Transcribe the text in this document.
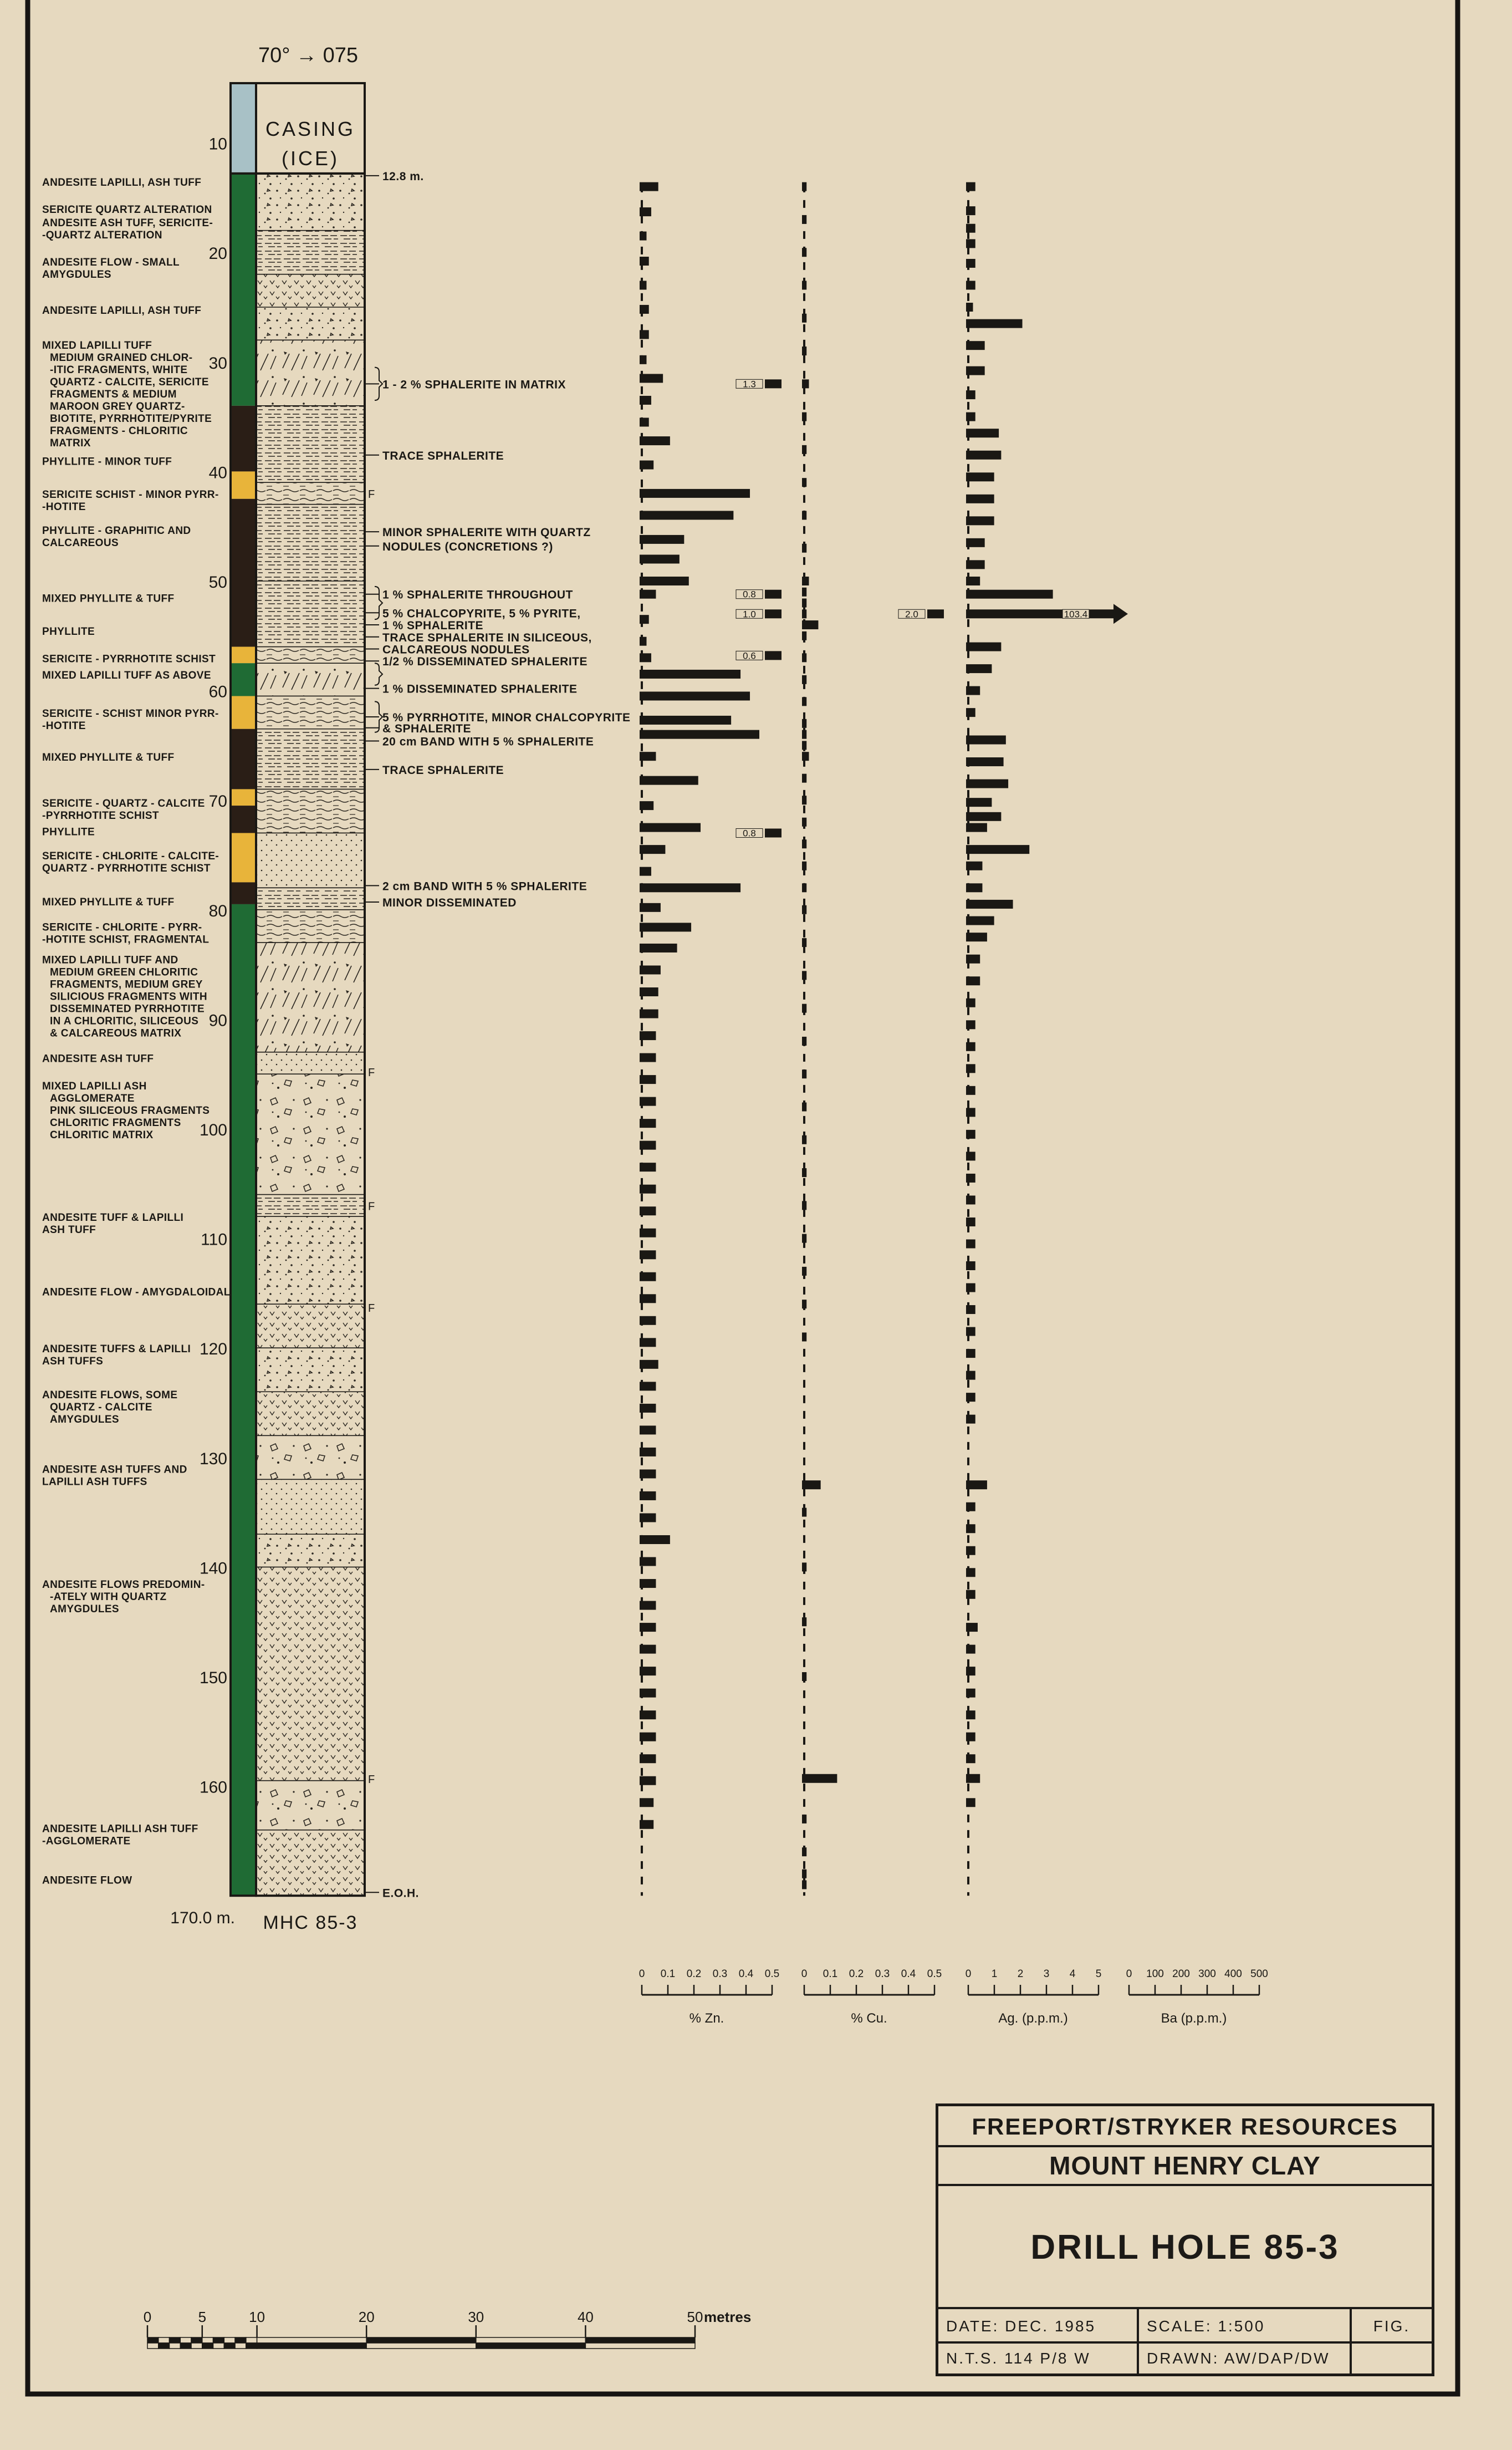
CASING
(ICE)
70° → 075
10
20
30
40
50
60
70
80
90
100
110
120
130
140
150
160
170.0 m. MHC 85-3
F
F
F
F
F
ANDESITE LAPILLI, ASH TUFF
SERICITE QUARTZ ALTERATION
ANDESITE ASH TUFF, SERICITE-
-QUARTZ ALTERATION
ANDESITE FLOW - SMALL
AMYGDULES
ANDESITE LAPILLI, ASH TUFF
MIXED LAPILLI TUFF
MEDIUM GRAINED CHLOR-
-ITIC FRAGMENTS, WHITE
QUARTZ - CALCITE, SERICITE
FRAGMENTS & MEDIUM
MAROON GREY QUARTZ-
BIOTITE, PYRRHOTITE/PYRITE
FRAGMENTS - CHLORITIC
MATRIX
PHYLLITE - MINOR TUFF
SERICITE SCHIST - MINOR PYRR-
-HOTITE
PHYLLITE - GRAPHITIC AND
CALCAREOUS
MIXED PHYLLITE & TUFF
PHYLLITE
SERICITE - PYRRHOTITE SCHIST
MIXED LAPILLI TUFF AS ABOVE
SERICITE - SCHIST MINOR PYRR-
-HOTITE
MIXED PHYLLITE & TUFF
SERICITE - QUARTZ - CALCITE
-PYRRHOTITE SCHIST
PHYLLITE
SERICITE - CHLORITE - CALCITE-
QUARTZ - PYRRHOTITE SCHIST
MIXED PHYLLITE & TUFF
SERICITE - CHLORITE - PYRR-
-HOTITE SCHIST, FRAGMENTAL
MIXED LAPILLI TUFF AND
MEDIUM GREEN CHLORITIC
FRAGMENTS, MEDIUM GREY
SILICIOUS FRAGMENTS WITH
DISSEMINATED PYRRHOTITE
IN A CHLORITIC, SILICEOUS
& CALCAREOUS MATRIX
ANDESITE ASH TUFF
MIXED LAPILLI ASH
AGGLOMERATE
PINK SILICEOUS FRAGMENTS
CHLORITIC FRAGMENTS
CHLORITIC MATRIX
ANDESITE TUFF & LAPILLI
ASH TUFF
ANDESITE FLOW - AMYGDALOIDAL
ANDESITE TUFFS & LAPILLI
ASH TUFFS
ANDESITE FLOWS, SOME
QUARTZ - CALCITE
AMYGDULES
ANDESITE ASH TUFFS AND
LAPILLI ASH TUFFS
ANDESITE FLOWS PREDOMIN-
-ATELY WITH QUARTZ
AMYGDULES
ANDESITE LAPILLI ASH TUFF
-AGGLOMERATE
ANDESITE FLOW
12.8 m.
1 - 2 % SPHALERITE IN MATRIX
TRACE SPHALERITE
MINOR SPHALERITE WITH QUARTZ
NODULES (CONCRETIONS ?)
1 % SPHALERITE THROUGHOUT
5 % CHALCOPYRITE, 5 % PYRITE,
1 % SPHALERITE
TRACE SPHALERITE IN SILICEOUS,
CALCAREOUS NODULES
1/2 % DISSEMINATED SPHALERITE
1 % DISSEMINATED SPHALERITE
5 % PYRRHOTITE, MINOR CHALCOPYRITE
& SPHALERITE
20 cm BAND WITH 5 % SPHALERITE
TRACE SPHALERITE
2 cm BAND WITH 5 % SPHALERITE
MINOR DISSEMINATED
E.O.H.
1.3
0.8
1.0
0.6
0.8
0 0.1 0.2 0.3 0.4 0.5
% Zn.
2.0
0 0.1 0.2 0.3 0.4 0.5
% Cu.
103.4
0 1 2 3 4 5
Ag. (p.p.m.)
0 100 200 300 400 500
Ba (p.p.m.)
0	5	10	20	30	40	50 metres
FREEPORT/STRYKER RESOURCES
MOUNT HENRY CLAY
DRILL HOLE 85-3
DATE: DEC. 1985
N.T.S. 114 P/8 W
SCALE: 1:500
DRAWN: AW/DAP/DW
FIG.
